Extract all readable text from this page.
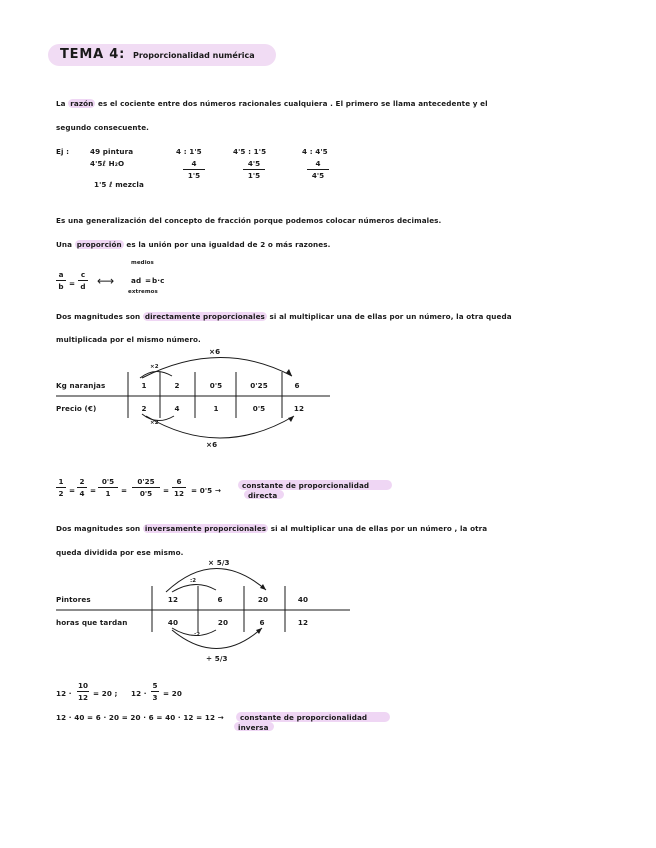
TEMA 4: Proporcionalidad numérica
La razón es el cociente entre dos números racionales cualquiera . El primero se llama antecedente y el
segundo consecuente.
Ej :	49 pintura
4'5ℓ H₂O
1'5 ℓ mezcla
4 : 1'5	4'5 : 1'5	4 : 4'5
4
1'5
4'5
1'5
4
4'5
Es una generalización del concepto de fracción porque podemos colocar números decimales.
Una proporción es la unión por una igualdad de 2 o más razones.
a
b =
c
d ⟷
medios
ad = b·c
extremos
Dos magnitudes son directamente proporcionales si al multiplicar una de ellas por un número, la otra queda
multiplicada por el mismo número.
×6
×6
×2
×2
Kg naranjas
Precio (€)
1	2	0'5	0'25	6
2	4	1	0'5	12
1
2 =
2
4 =
0'5
1 =
0'25
0'5 =
6
12 = 0'5 →
constante de proporcionalidad
directa
Dos magnitudes son inversamente proporcionales si al multiplicar una de ellas por un número , la otra
queda dividida por ese mismo.
× 5/3
÷ 5/3
:2
:2
Pintores
horas que tardan
12	6	20	40
40	20	6	12
12 ·
10
12 = 20 ; 12 ·
5
3 = 20
12 · 40 = 6 · 20 = 20 · 6 = 40 · 12 = 12 → constante de proporcionalidad
inversa
